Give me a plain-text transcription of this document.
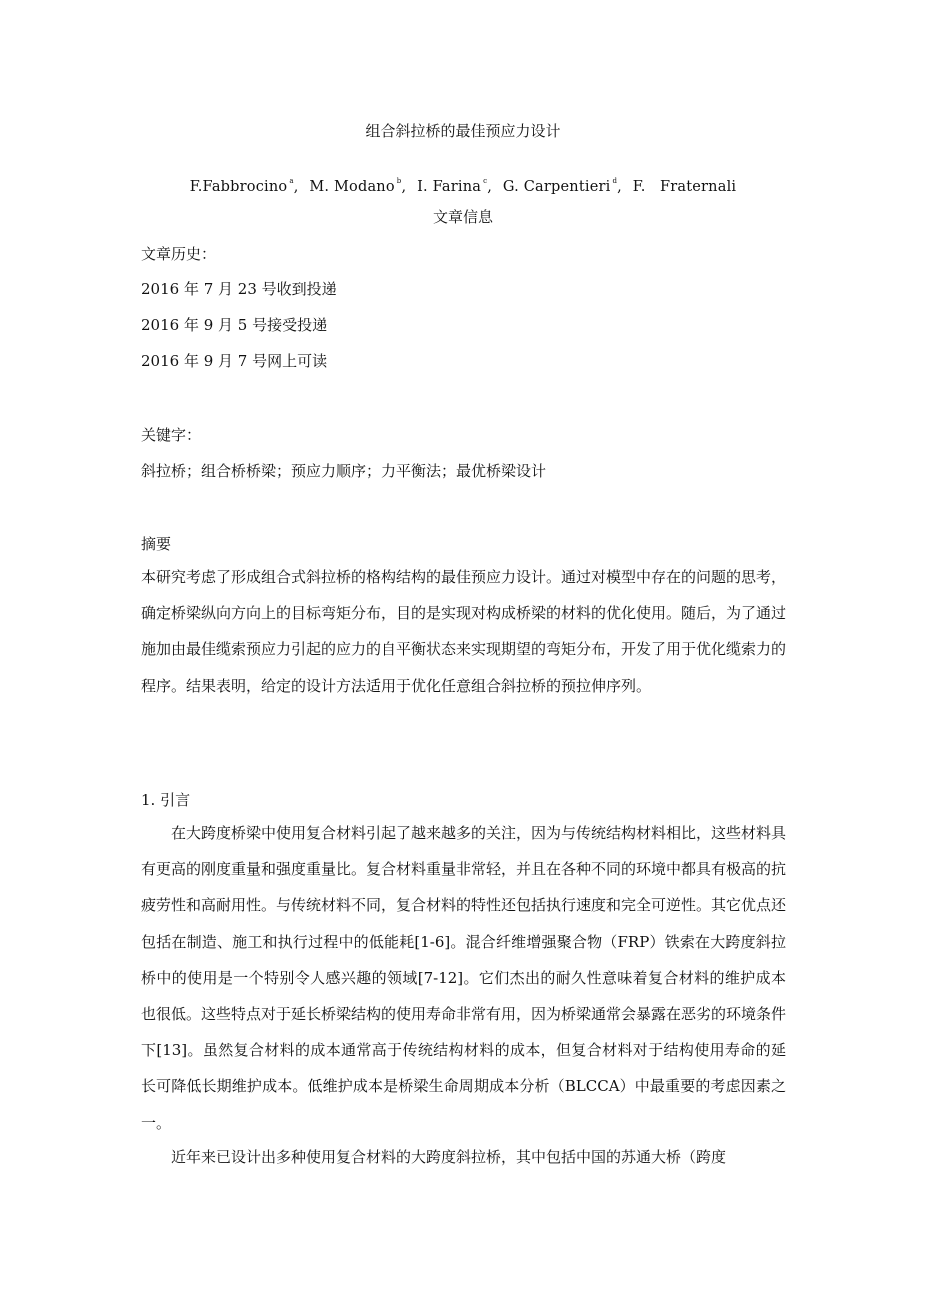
组合斜拉桥的最佳预应力设计
F.Fabbrocino $^a$, M. Modano $^b$, I. Farina $^c$, G. Carpentieri $^d$, F.   Fraternali
文章信息
文章历史：
2016 年 7 月 23 号收到投递
2016 年 9 月 5 号接受投递
2016 年 9 月 7 号网上可读
关键字：
斜拉桥；组合桥桥梁；预应力顺序；力平衡法；最优桥梁设计
摘要

本研究考虑了形成组合式斜拉桥的格构结构的最佳预应力设计。通过对模型中存在的问题的思考，确定桥梁纵向方向上的目标弯矩分布，目的是实现对构成桥梁的材料的优化使用。随后，为了通过施加由最佳缆索预应力引起的应力的自平衡状态来实现期望的弯矩分布，开发了用于优化缆索力的程序。结果表明，给定的设计方法适用于优化任意组合斜拉桥的预拉伸序列。

1. 引言

在大跨度桥梁中使用复合材料引起了越来越多的关注，因为与传统结构材料相比，这些材料具有更高的刚度重量和强度重量比。复合材料重量非常轻，并且在各种不同的环境中都具有极高的抗疲劳性和高耐用性。与传统材料不同，复合材料的特性还包括执行速度和完全可逆性。其它优点还包括在制造、施工和执行过程中的低能耗[1-6]。混合纤维增强聚合物（FRP）铁索在大跨度斜拉桥中的使用是一个特别令人感兴趣的领域[7-12]。它们杰出的耐久性意味着复合材料的维护成本也很低。这些特点对于延长桥梁结构的使用寿命非常有用，因为桥梁通常会暴露在恶劣的环境条件下[13]。虽然复合材料的成本通常高于传统结构材料的成本，但复合材料对于结构使用寿命的延长可降低长期维护成本。低维护成本是桥梁生命周期成本分析（BLCCA）中最重要的考虑因素之一。

近年来已设计出多种使用复合材料的大跨度斜拉桥，其中包括中国的苏通大桥（跨度
